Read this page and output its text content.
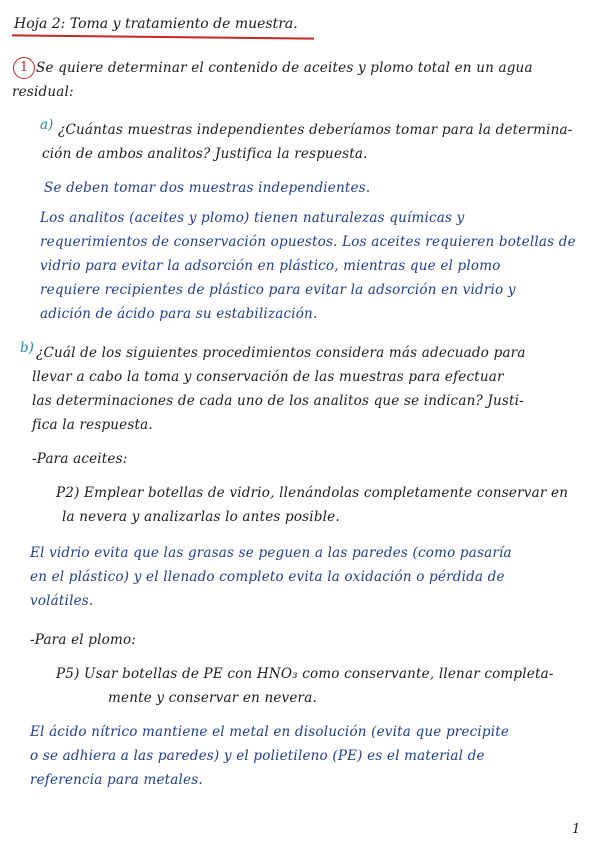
Hoja 2: Toma y tratamiento de muestra.
1 Se quiere determinar el contenido de aceites y plomo total en un agua
residual:
a) ¿Cuántas muestras independientes deberíamos tomar para la determina-
ción de ambos analitos? Justifica la respuesta.
Se deben tomar dos muestras independientes.
Los analitos (aceites y plomo) tienen naturalezas químicas y
requerimientos de conservación opuestos. Los aceites requieren botellas de
vidrio para evitar la adsorción en plástico, mientras que el plomo
requiere recipientes de plástico para evitar la adsorción en vidrio y
adición de ácido para su estabilización.
b) ¿Cuál de los siguientes procedimientos considera más adecuado para
llevar a cabo la toma y conservación de las muestras para efectuar
las determinaciones de cada uno de los analitos que se indican? Justi-
fica la respuesta.
-Para aceites:
P2) Emplear botellas de vidrio, llenándolas completamente conservar en
la nevera y analizarlas lo antes posible.
El vidrio evita que las grasas se peguen a las paredes (como pasaría
en el plástico) y el llenado completo evita la oxidación o pérdida de
volátiles.
-Para el plomo:
P5) Usar botellas de PE con HNO₃ como conservante, llenar completa-
mente y conservar en nevera.
El ácido nítrico mantiene el metal en disolución (evita que precipite
o se adhiera a las paredes) y el polietileno (PE) es el material de
referencia para metales.
1
